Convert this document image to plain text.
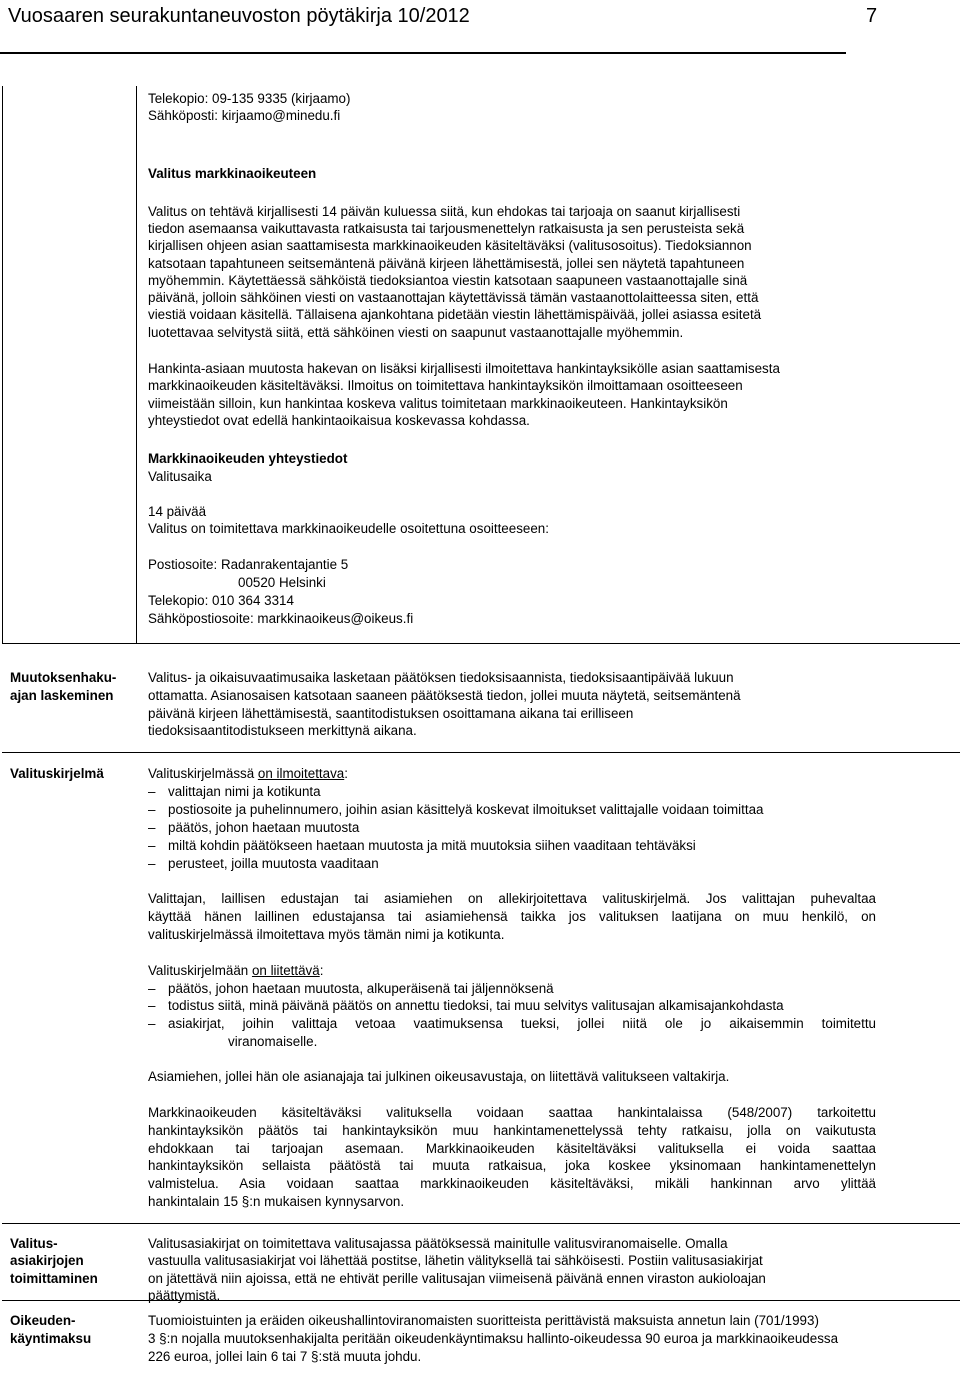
Vuosaaren seurakuntaneuvoston pöytäkirja 10/2012	7
Telekopio: 09-135 9335 (kirjaamo)
Sähköposti: kirjaamo@minedu.fi
Valitus markkinaoikeuteen
Valitus on tehtävä kirjallisesti 14 päivän kuluessa siitä, kun ehdokas tai tarjoaja on saanut kirjallisesti
tiedon asemaansa vaikuttavasta ratkaisusta tai tarjousmenettelyn ratkaisusta ja sen perusteista sekä
kirjallisen ohjeen asian saattamisesta markkinaoikeuden käsiteltäväksi (valitusosoitus). Tiedoksiannon
katsotaan tapahtuneen seitsemäntenä päivänä kirjeen lähettämisestä, jollei sen näytetä tapahtuneen
myöhemmin. Käytettäessä sähköistä tiedoksiantoa viestin katsotaan saapuneen vastaanottajalle sinä
päivänä, jolloin sähköinen viesti on vastaanottajan käytettävissä tämän vastaanottolaitteessa siten, että
viestiä voidaan käsitellä. Tällaisena ajankohtana pidetään viestin lähettämispäivää, jollei asiassa esitetä
luotettavaa selvitystä siitä, että sähköinen viesti on saapunut vastaanottajalle myöhemmin.
Hankinta-asiaan muutosta hakevan on lisäksi kirjallisesti ilmoitettava hankintayksikölle asian saattamisesta
markkinaoikeuden käsiteltäväksi. Ilmoitus on toimitettava hankintayksikön ilmoittamaan osoitteeseen
viimeistään silloin, kun hankintaa koskeva valitus toimitetaan markkinaoikeuteen. Hankintayksikön
yhteystiedot ovat edellä hankintaoikaisua koskevassa kohdassa.
Markkinaoikeuden yhteystiedot
Valitusaika
14 päivää
Valitus on toimitettava markkinaoikeudelle osoitettuna osoitteeseen:
Postiosoite: Radanrakentajantie 5
00520 Helsinki
Telekopio: 010 364 3314
Sähköpostiosoite: markkinaoikeus@oikeus.fi
Muutoksenhaku-
ajan laskeminen
Valitus- ja oikaisuvaatimusaika lasketaan päätöksen tiedoksisaannista, tiedoksisaantipäivää lukuun
ottamatta. Asianosaisen katsotaan saaneen päätöksestä tiedon, jollei muuta näytetä, seitsemäntenä
päivänä kirjeen lähettämisestä, saantitodistuksen osoittamana aikana tai erilliseen
tiedoksisaantitodistukseen merkittynä aikana.
Valituskirjelmä	Valituskirjelmässä on ilmoitettava:
– valittajan nimi ja kotikunta
– postiosoite ja puhelinnumero, joihin asian käsittelyä koskevat ilmoitukset valittajalle voidaan toimittaa
– päätös, johon haetaan muutosta
– miltä kohdin päätökseen haetaan muutosta ja mitä muutoksia siihen vaaditaan tehtäväksi
– perusteet, joilla muutosta vaaditaan
Valittajan, laillisen edustajan tai asiamiehen on allekirjoitettava valituskirjelmä. Jos valittajan puhevaltaa
käyttää hänen laillinen edustajansa tai asiamiehensä taikka jos valituksen laatijana on muu henkilö, on
valituskirjelmässä ilmoitettava myös tämän nimi ja kotikunta.
Valituskirjelmään on liitettävä:
– päätös, johon haetaan muutosta, alkuperäisenä tai jäljennöksenä
– todistus siitä, minä päivänä päätös on annettu tiedoksi, tai muu selvitys valitusajan alkamisajankohdasta
– asiakirjat, joihin valittaja vetoaa vaatimuksensa tueksi, jollei niitä ole jo aikaisemmin toimitettu
viranomaiselle.
Asiamiehen, jollei hän ole asianajaja tai julkinen oikeusavustaja, on liitettävä valitukseen valtakirja.
Markkinaoikeuden käsiteltäväksi valituksella voidaan saattaa hankintalaissa (548/2007) tarkoitettu
hankintayksikön päätös tai hankintayksikön muu hankintamenettelyssä tehty ratkaisu, jolla on vaikutusta
ehdokkaan tai tarjoajan asemaan. Markkinaoikeuden käsiteltäväksi valituksella ei voida saattaa
hankintayksikön sellaista päätöstä tai muuta ratkaisua, joka koskee yksinomaan hankintamenettelyn
valmistelua. Asia voidaan saattaa markkinaoikeuden käsiteltäväksi, mikäli hankinnan arvo ylittää
hankintalain 15 §:n mukaisen kynnysarvon.
Valitus-
asiakirjojen
toimittaminen
Valitusasiakirjat on toimitettava valitusajassa päätöksessä mainitulle valitusviranomaiselle. Omalla
vastuulla valitusasiakirjat voi lähettää postitse, lähetin välityksellä tai sähköisesti. Postiin valitusasiakirjat
on jätettävä niin ajoissa, että ne ehtivät perille valitusajan viimeisenä päivänä ennen viraston aukioloajan
päättymistä.
Oikeuden-
käyntimaksu
Tuomioistuinten ja eräiden oikeushallintoviranomaisten suoritteista perittävistä maksuista annetun lain (701/1993)
3 §:n nojalla muutoksenhakijalta peritään oikeudenkäyntimaksu hallinto-oikeudessa 90 euroa ja markkinaoikeudessa
226 euroa, jollei lain 6 tai 7 §:stä muuta johdu.
